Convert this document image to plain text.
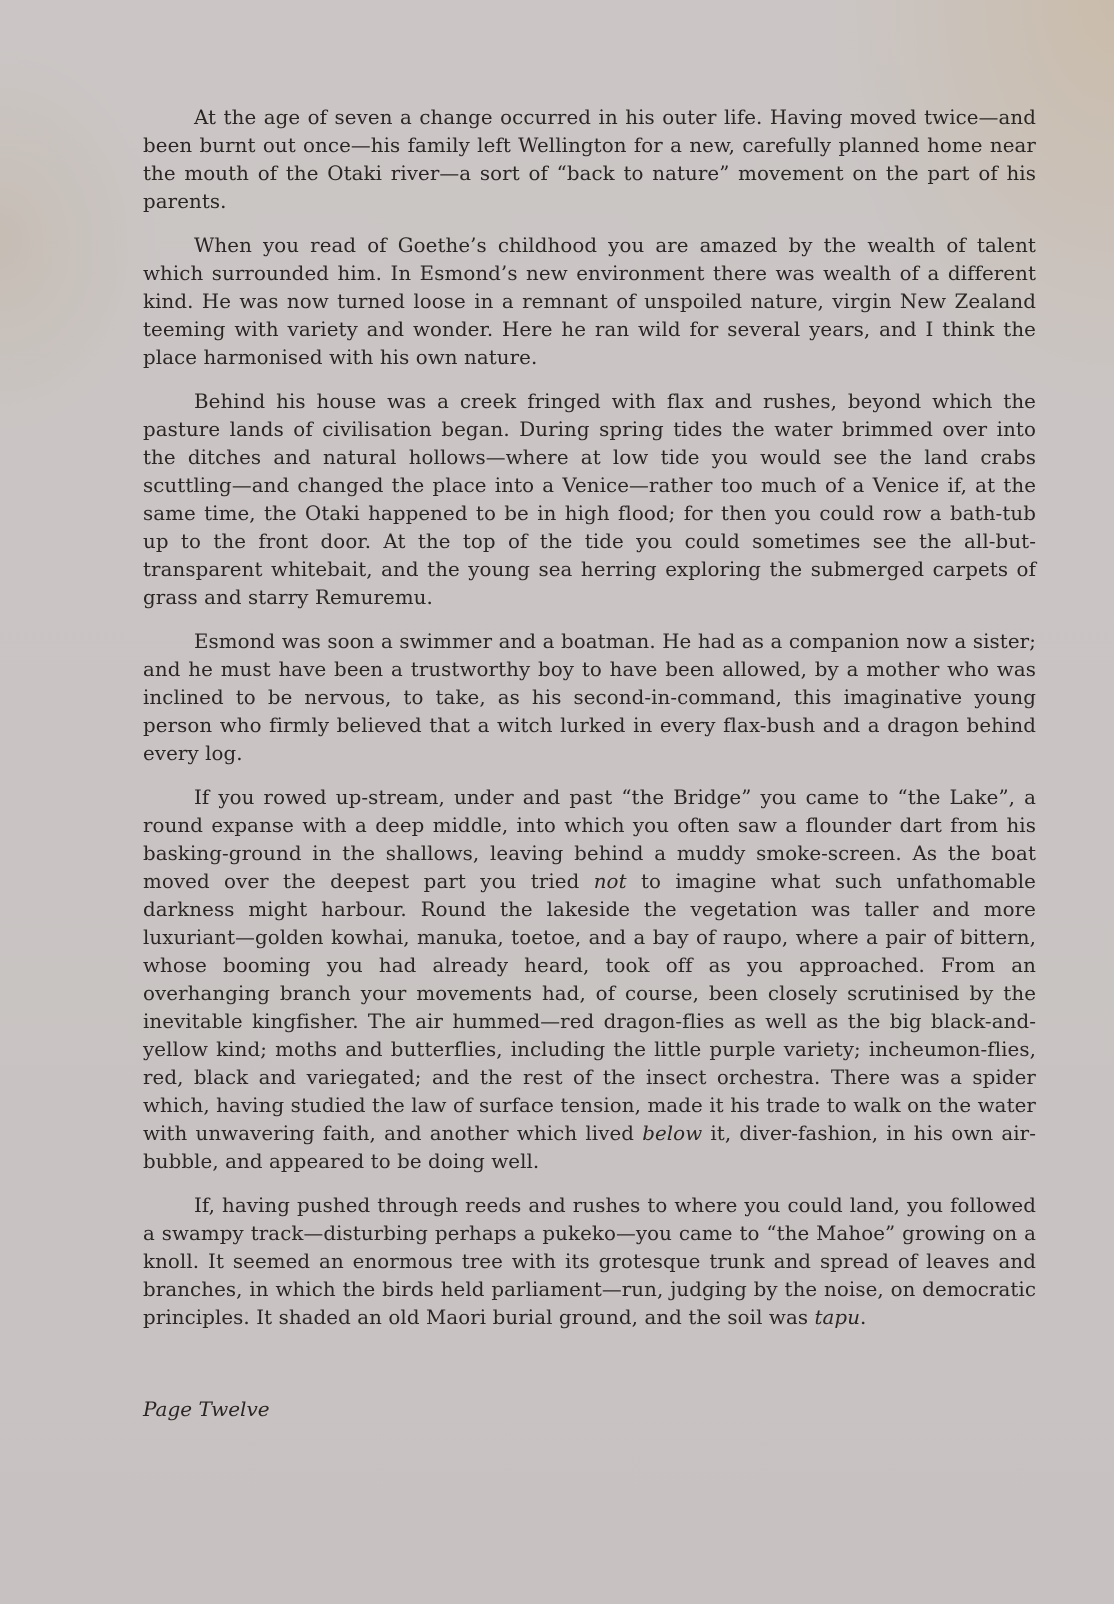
At the age of seven a change occurred in his outer life. Having moved twice—and been burnt out once—his family left Wellington for a new, carefully planned home near the mouth of the Otaki river—a sort of “back to nature” movement on the part of his parents.

When you read of Goethe’s childhood you are amazed by the wealth of talent which surrounded him. In Esmond’s new environment there was wealth of a different kind. He was now turned loose in a remnant of unspoiled nature, virgin New Zealand teeming with variety and wonder. Here he ran wild for several years, and I think the place harmonised with his own nature.

Behind his house was a creek fringed with flax and rushes, beyond which the pasture lands of civilisation began. During spring tides the water brimmed over into the ditches and natural hollows—where at low tide you would see the land crabs scuttling—and changed the place into a Venice—rather too much of a Venice if, at the same time, the Otaki happened to be in high flood; for then you could row a bath-tub up to the front door. At the top of the tide you could sometimes see the all-but-transparent whitebait, and the young sea herring exploring the submerged carpets of grass and starry Remuremu.

Esmond was soon a swimmer and a boatman. He had as a companion now a sister; and he must have been a trustworthy boy to have been allowed, by a mother who was inclined to be nervous, to take, as his second-in-command, this imaginative young person who firmly believed that a witch lurked in every flax-bush and a dragon behind every log.

If you rowed up-stream, under and past “the Bridge” you came to “the Lake”, a round expanse with a deep middle, into which you often saw a flounder dart from his basking-ground in the shallows, leaving behind a muddy smoke-screen. As the boat moved over the deepest part you tried not to imagine what such unfathomable darkness might harbour. Round the lakeside the vegetation was taller and more luxuriant—golden kowhai, manuka, toetoe, and a bay of raupo, where a pair of bittern, whose booming you had already heard, took off as you approached. From an overhanging branch your movements had, of course, been closely scrutinised by the inevitable kingfisher. The air hummed—red dragon-flies as well as the big black-and-yellow kind; moths and butterflies, including the little purple variety; incheumon-flies, red, black and variegated; and the rest of the insect orchestra. There was a spider which, having studied the law of surface tension, made it his trade to walk on the water with unwavering faith, and another which lived below it, diver-fashion, in his own air-bubble, and appeared to be doing well.

If, having pushed through reeds and rushes to where you could land, you followed a swampy track—disturbing perhaps a pukeko—you came to “the Mahoe” growing on a knoll. It seemed an enormous tree with its grotesque trunk and spread of leaves and branches, in which the birds held parliament—run, judging by the noise, on democratic principles. It shaded an old Maori burial ground, and the soil was tapu.

Page Twelve
